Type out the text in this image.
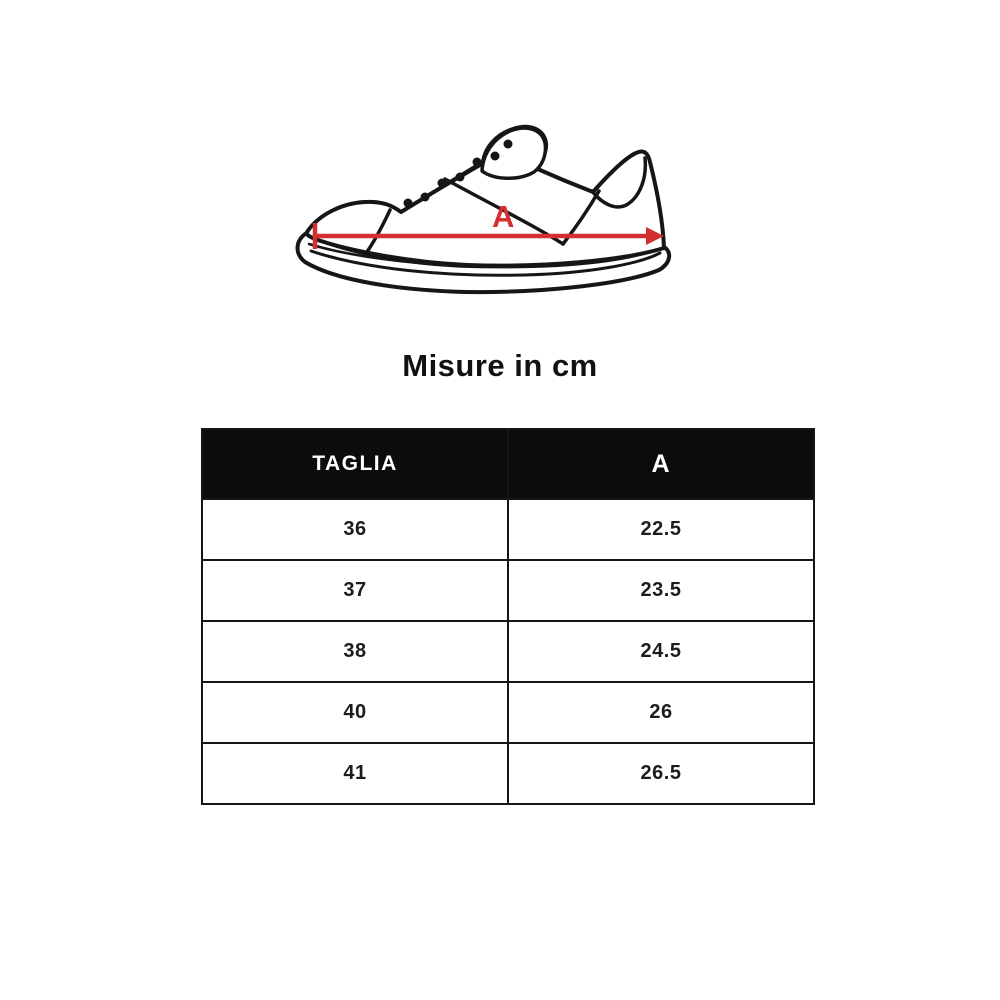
A
Misure in cm
TAGLIA	A
36	22.5
37	23.5
38	24.5
40	26
41	26.5
